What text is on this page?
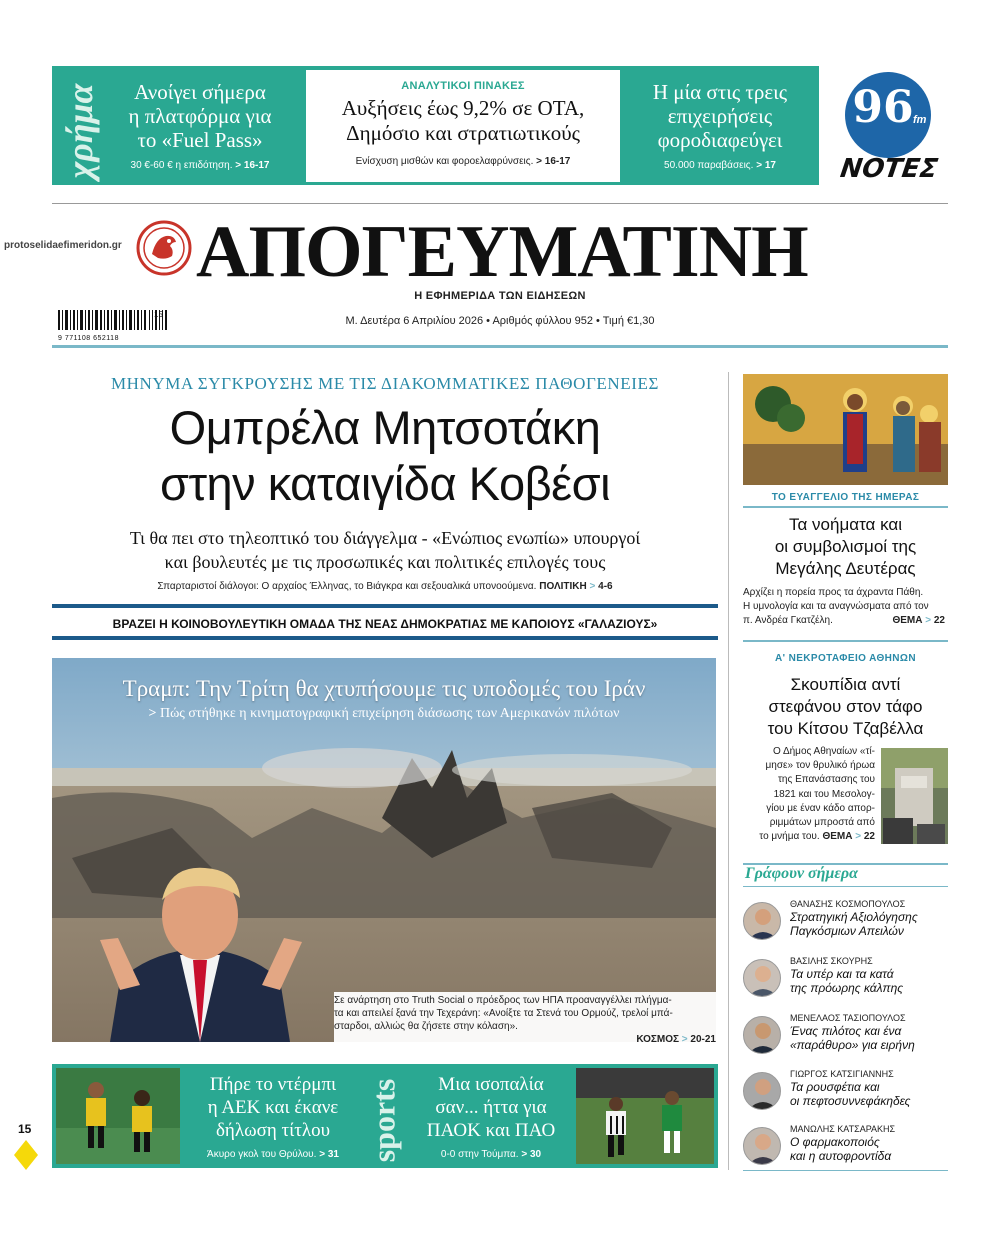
χρήμα	Ανοίγει σήμερα
η πλατφόρμα για
το «Fuel Pass»
30 €-60 € η επιδότηση. > 16-17
ΑΝΑΛΥΤΙΚΟΙ ΠΙΝΑΚΕΣ
Αυξήσεις έως 9,2% σε ΟΤΑ,
Δημόσιο και στρατιωτικούς
Ενίσχυση μισθών και φοροελαφρύνσεις. > 16-17
Η μία στις τρεις
επιχειρήσεις
φοροδιαφεύγει
50.000 παραβάσεις. > 17
96 fm
ΝΟΤΕΣ
protoselidaefimeridon.gr ΑΠΟΓΕΥΜΑΤΙΝΗ
Η ΕΦΗΜΕΡΙΔΑ ΤΩΝ ΕΙΔΗΣΕΩΝ
9 771108 652118
15
Μ. Δευτέρα 6 Απριλίου 2026 • Αριθμός φύλλου 952 • Τιμή €1,30
ΜΗΝΥΜΑ ΣΥΓΚΡΟΥΣΗΣ ΜΕ ΤΙΣ ΔΙΑΚΟΜΜΑΤΙΚΕΣ ΠΑΘΟΓΕΝΕΙΕΣ
Ομπρέλα Μητσοτάκη
στην καταιγίδα Κοβέσι
Τι θα πει στο τηλεοπτικό του διάγγελμα - «Ενώπιος ενωπίω» υπουργοί
και βουλευτές με τις προσωπικές και πολιτικές επιλογές τους
Σπαρταριστοί διάλογοι: Ο αρχαίος Έλληνας, το Βιάγκρα και σεξουαλικά υπονοούμενα. ΠΟΛΙΤΙΚΗ > 4-6
ΒΡΑΖΕΙ Η ΚΟΙΝΟΒΟΥΛΕΥΤΙΚΗ ΟΜΑΔΑ ΤΗΣ ΝΕΑΣ ΔΗΜΟΚΡΑΤΙΑΣ ΜΕ ΚΑΠΟΙΟΥΣ «ΓΑΛΑΖΙΟΥΣ»
Τραμπ: Την Τρίτη θα χτυπήσουμε τις υποδομές του Ιράν
> Πώς στήθηκε η κινηματογραφική επιχείρηση διάσωσης των Αμερικανών πιλότων
Σε ανάρτηση στο Truth Social ο πρόεδρος των ΗΠΑ προαναγγέλλει πλήγμα-
τα και απειλεί ξανά την Τεχεράνη: «Ανοίξτε τα Στενά του Ορμούζ, τρελοί μπά-
σταρδοι, αλλιώς θα ζήσετε στην κόλαση».
ΚΟΣΜΟΣ > 20-21
Πήρε το ντέρμπι
η ΑΕΚ και έκανε
δήλωση τίτλου
Άκυρο γκολ του Θρύλου. > 31 sports	Μια ισοπαλία
σαν... ήττα για
ΠΑΟΚ και ΠΑΟ
0-0 στην Τούμπα. > 30
15
ΤΟ ΕΥΑΓΓΕΛΙΟ ΤΗΣ ΗΜΕΡΑΣ
Τα νοήματα και
οι συμβολισμοί της
Μεγάλης Δευτέρας
Αρχίζει η πορεία προς τα άχραντα Πάθη.
Η υμνολογία και τα αναγνώσματα από τον
π. Ανδρέα Γκατζέλη.	ΘΕΜΑ > 22
Α' ΝΕΚΡΟΤΑΦΕΙΟ ΑΘΗΝΩΝ
Σκουπίδια αντί
στεφάνου στον τάφο
του Κίτσου Τζαβέλλα
Ο Δήμος Αθηναίων «τί-
μησε» τον θρυλικό ήρωα
της Επανάστασης του
1821 και του Μεσολογ-
γίου με έναν κάδο απορ-
ριμμάτων μπροστά από
το μνήμα του. ΘΕΜΑ > 22
Γράφουν σήμερα
ΘΑΝΑΣΗΣ ΚΟΣΜΟΠΟΥΛΟΣ
Στρατηγική Αξιολόγησης
Παγκόσμιων Απειλών
ΒΑΣΙΛΗΣ ΣΚΟΥΡΗΣ
Τα υπέρ και τα κατά
της πρόωρης κάλπης
ΜΕΝΕΛΑΟΣ ΤΑΣΙΟΠΟΥΛΟΣ
Ένας πιλότος και ένα
«παράθυρο» για ειρήνη
ΓΙΩΡΓΟΣ ΚΑΤΣΙΓΙΑΝΝΗΣ
Τα ρουσφέτια και
οι πεφτοσυννεφάκηδες
ΜΑΝΩΛΗΣ ΚΑΤΣΑΡΑΚΗΣ
Ο φαρμακοποιός
και η αυτοφροντίδα
